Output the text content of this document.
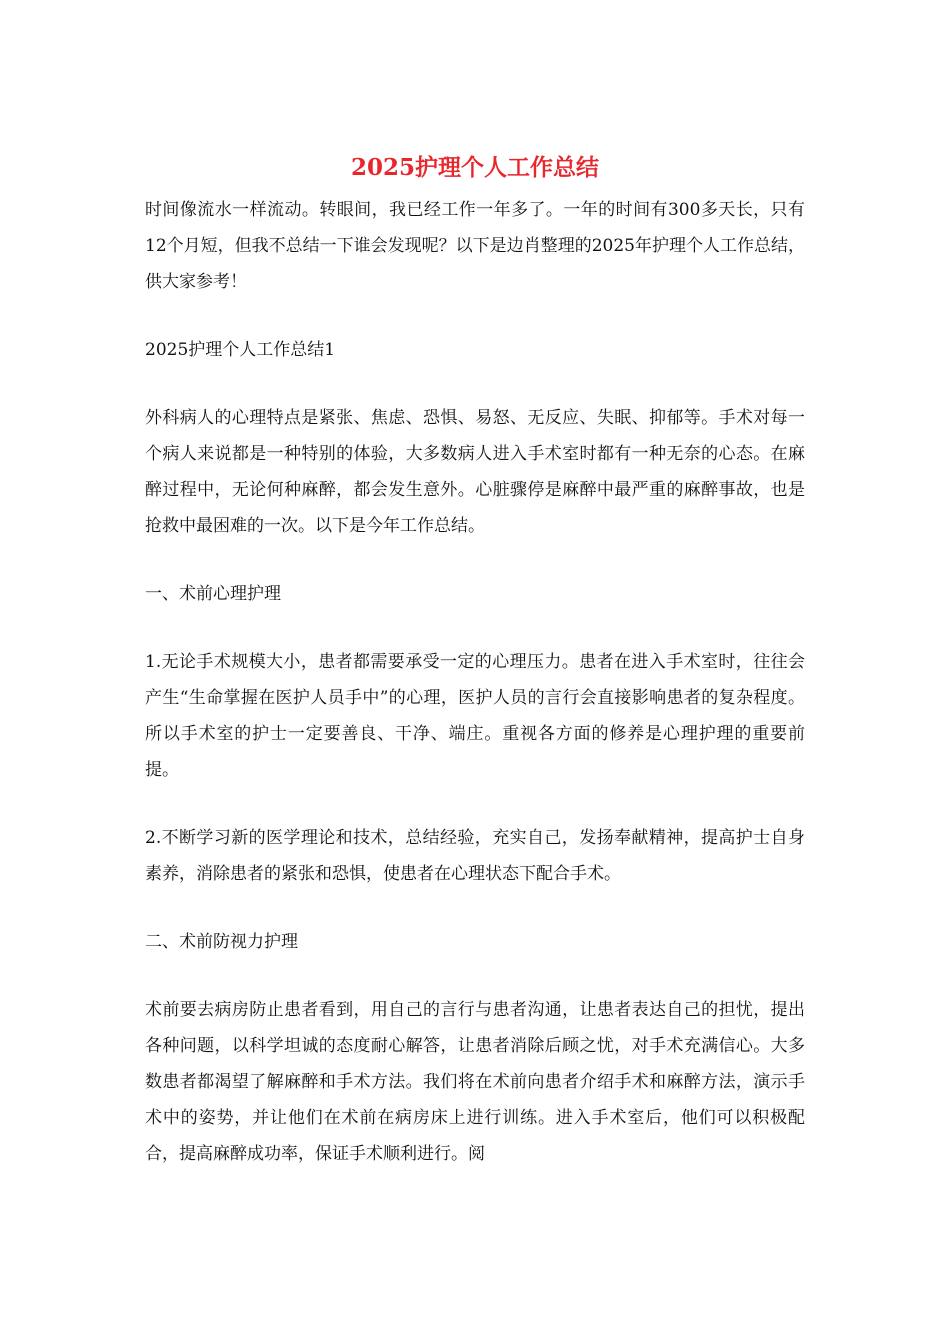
2025护理个人工作总结

时间像流水一样流动。转眼间，我已经工作一年多了。一年的时间有300多天长，只有12个月短，但我不总结一下谁会发现呢？以下是边肖整理的2025年护理个人工作总结，供大家参考！

2025护理个人工作总结1

外科病人的心理特点是紧张、焦虑、恐惧、易怒、无反应、失眠、抑郁等。手术对每一个病人来说都是一种特别的体验，大多数病人进入手术室时都有一种无奈的心态。在麻醉过程中，无论何种麻醉，都会发生意外。心脏骤停是麻醉中最严重的麻醉事故，也是抢救中最困难的一次。以下是今年工作总结。

一、术前心理护理

1.无论手术规模大小，患者都需要承受一定的心理压力。患者在进入手术室时，往往会产生“生命掌握在医护人员手中”的心理，医护人员的言行会直接影响患者的复杂程度。所以手术室的护士一定要善良、干净、端庄。重视各方面的修养是心理护理的重要前提。

2.不断学习新的医学理论和技术，总结经验，充实自己，发扬奉献精神，提高护士自身素养，消除患者的紧张和恐惧，使患者在心理状态下配合手术。

二、术前防视力护理

术前要去病房防止患者看到，用自己的言行与患者沟通，让患者表达自己的担忧，提出各种问题，以科学坦诚的态度耐心解答，让患者消除后顾之忧，对手术充满信心。大多数患者都渴望了解麻醉和手术方法。我们将在术前向患者介绍手术和麻醉方法，演示手术中的姿势，并让他们在术前在病房床上进行训练。进入手术室后，他们可以积极配合，提高麻醉成功率，保证手术顺利进行。阅
